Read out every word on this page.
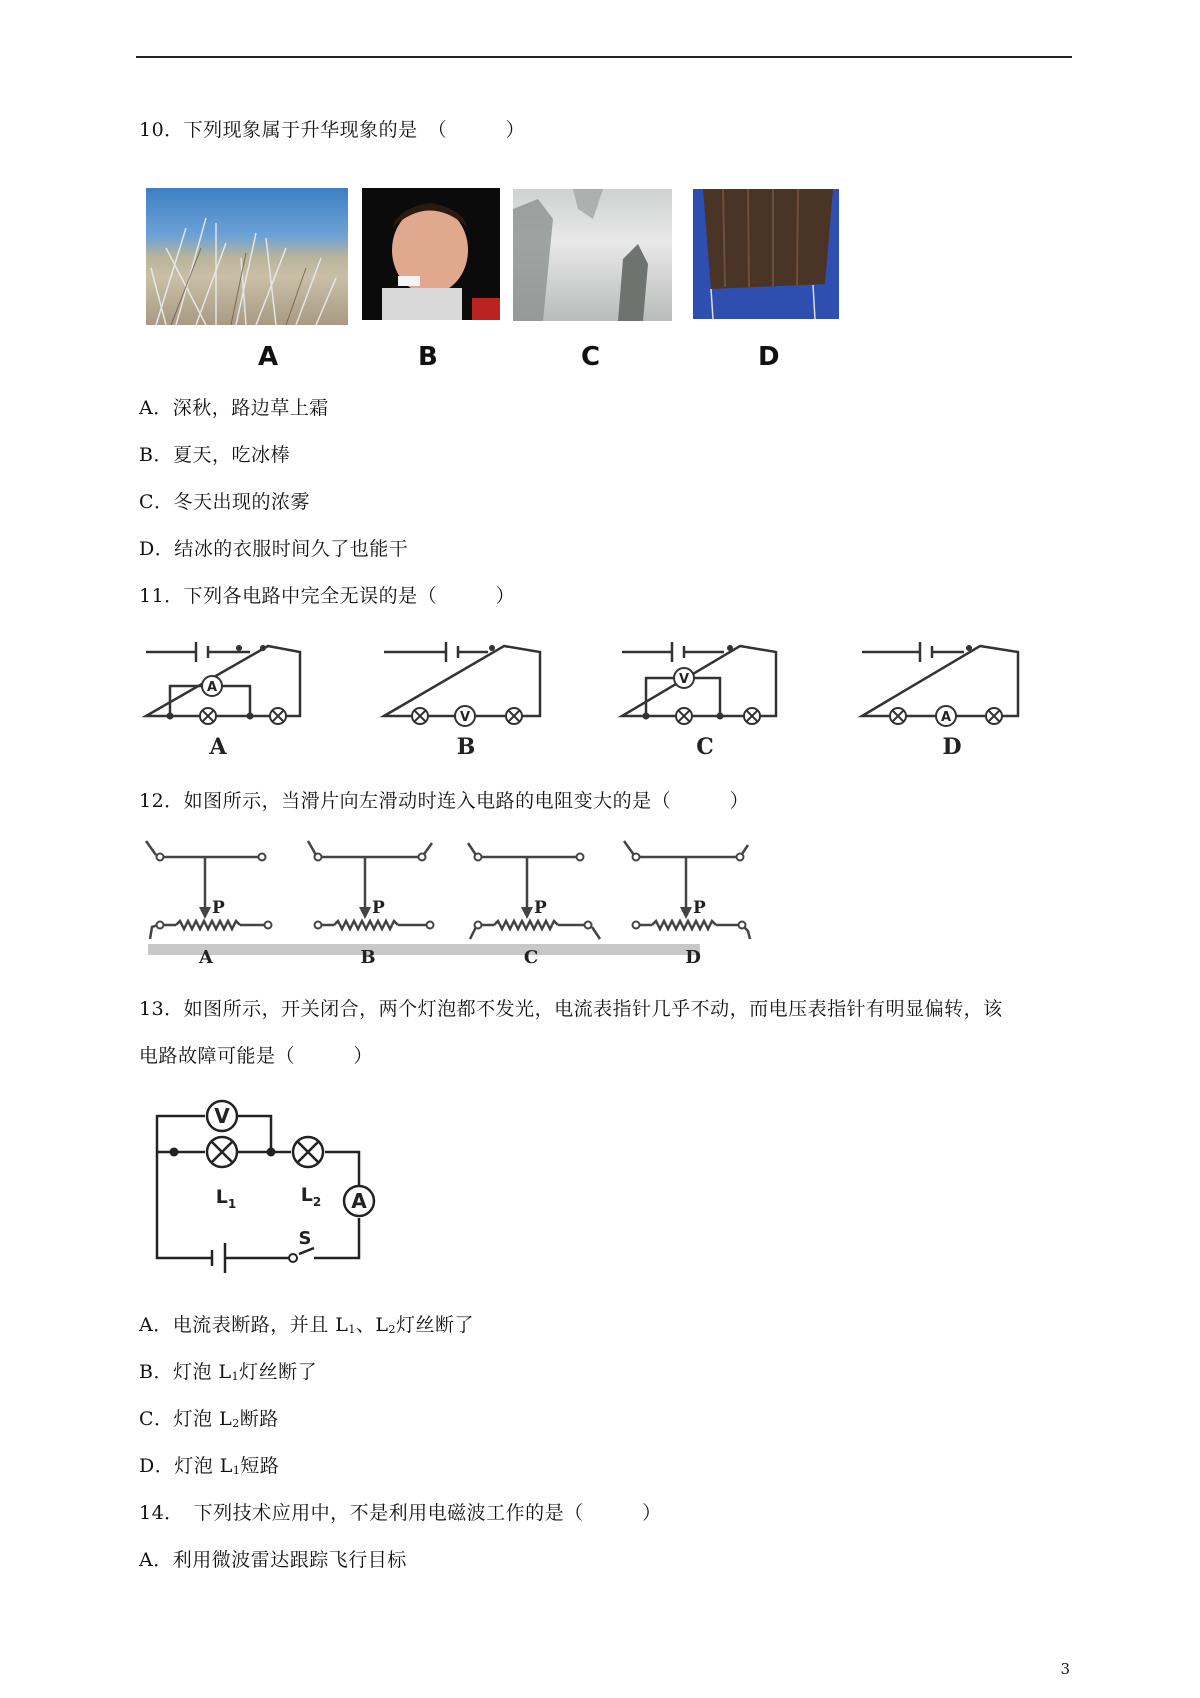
10．下列现象属于升华现象的是　（　　　）
A	B	C	D
A．深秋，路边草上霜
B．夏天，吃冰棒
C．冬天出现的浓雾
D．结冰的衣服时间久了也能干
11．下列各电路中完全无误的是（　　　）
A
V
V
A
A	B	C	D
12．如图所示，当滑片向左滑动时连入电路的电阻变大的是（　　　）
P	P	P	P
A	B	C	D
13．如图所示，开关闭合，两个灯泡都不发光，电流表指针几乎不动，而电压表指针有明显偏转，该
电路故障可能是（　　　）
V
A
$L_1$	$L_2$
S
A．电流表断路，并且 $L_1$、$L_2$灯丝断了
B．灯泡 $L_1$灯丝断了
C．灯泡 $L_2$断路
D．灯泡 $L_1$短路
14．　下列技术应用中，不是利用电磁波工作的是（　　　）
A．利用微波雷达跟踪飞行目标
3
